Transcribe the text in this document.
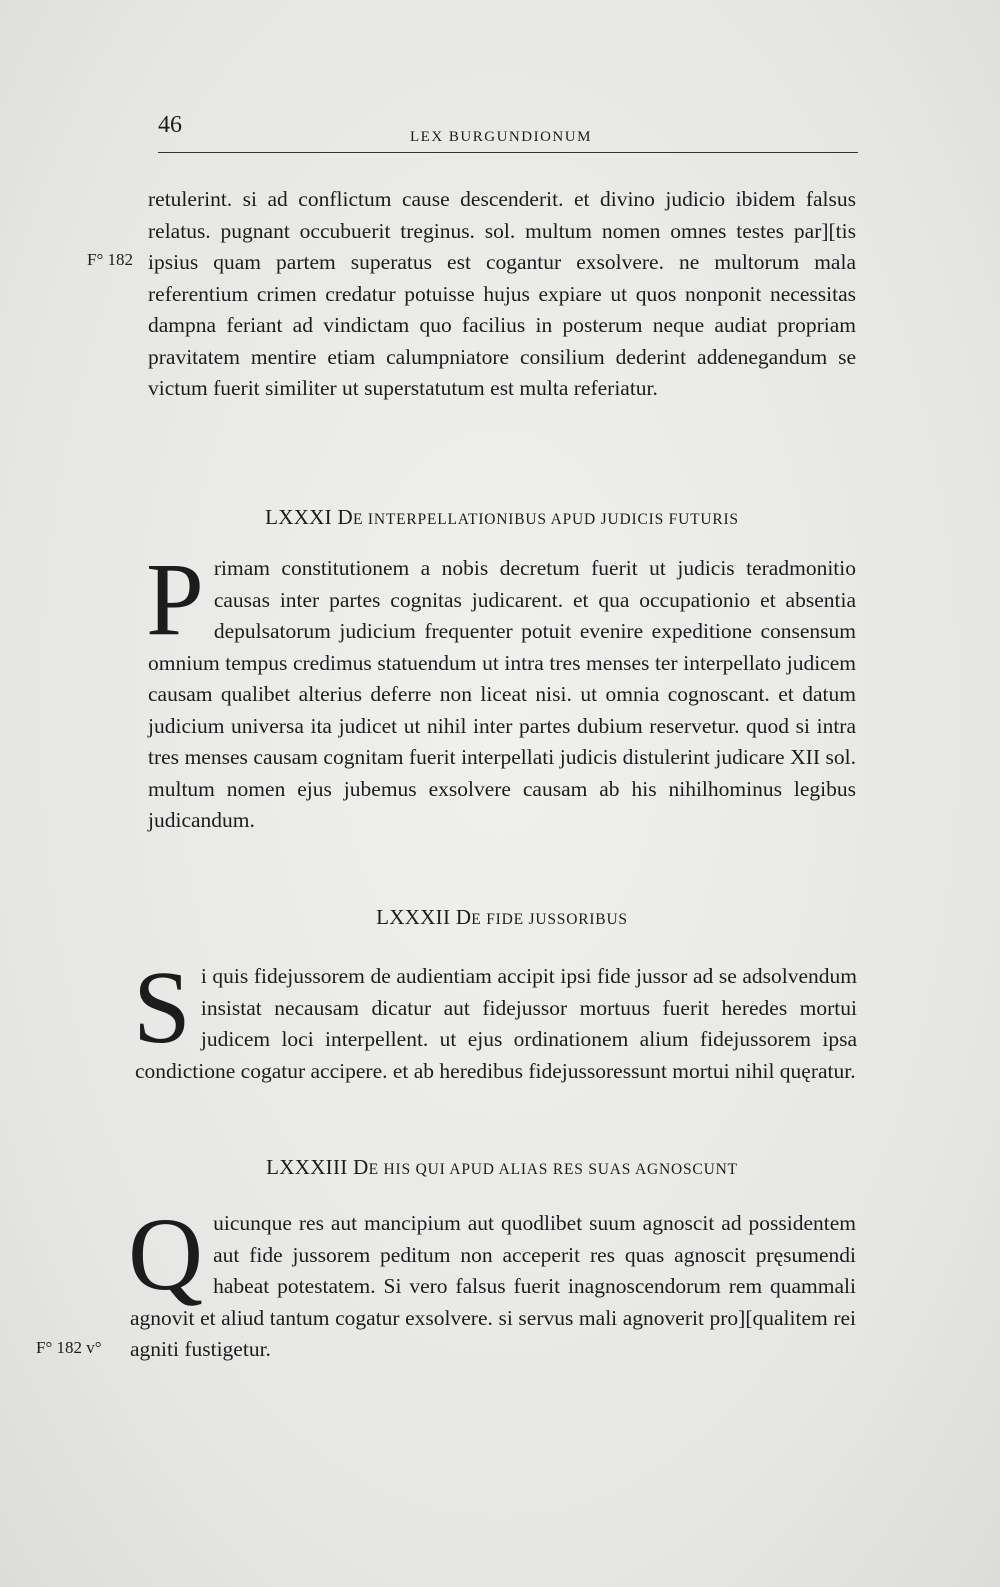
46	LEX BURGUNDIONUM
F° 182

retulerint. si ad conflictum cause descenderit. et divino judicio ibidem falsus relatus. pugnant occubuerit treginus. sol. multum nomen omnes testes par][tis ipsius quam partem superatus est cogantur exsolvere. ne multorum mala referentium crimen credatur potuisse hujus expiare ut quos nonponit necessitas dampna feriant ad vindictam quo facilius in posterum neque audiat propriam pravitatem mentire etiam calumpniatore consilium dederint addenegandum se victum fuerit similiter ut superstatutum est multa referiatur.

LXXXI DE INTERPELLATIONIBUS APUD JUDICIS FUTURIS

Primam constitutionem a nobis decretum fuerit ut judicis teradmonitio causas inter partes cognitas judicarent. et qua occupationio et absentia depulsatorum judicium frequenter potuit evenire expeditione consensum omnium tempus credimus statuendum ut intra tres menses ter interpellato judicem causam qualibet alterius deferre non liceat nisi. ut omnia cognoscant. et datum judicium universa ita judicet ut nihil inter partes dubium reservetur. quod si intra tres menses causam cognitam fuerit interpellati judicis distulerint judicare XII sol. multum nomen ejus jubemus exsolvere causam ab his nihilhominus legibus judicandum.

LXXXII DE FIDE JUSSORIBUS

Si quis fidejussorem de audientiam accipit ipsi fide jussor ad se adsolvendum insistat necausam dicatur aut fidejussor mortuus fuerit heredes mortui judicem loci interpellent. ut ejus ordinationem alium fidejussorem ipsa condictione cogatur accipere. et ab heredibus fidejussoressunt mortui nihil quęratur.

LXXXIII DE HIS QUI APUD ALIAS RES SUAS AGNOSCUNT
F° 182 v°

Quicunque res aut mancipium aut quodlibet suum agnoscit ad possidentem aut fide jussorem peditum non acceperit res quas agnoscit pręsumendi habeat potestatem. Si vero falsus fuerit inagnoscendorum rem quammali agnovit et aliud tantum cogatur exsolvere. si servus mali agnoverit pro][qualitem rei agniti fustigetur.
